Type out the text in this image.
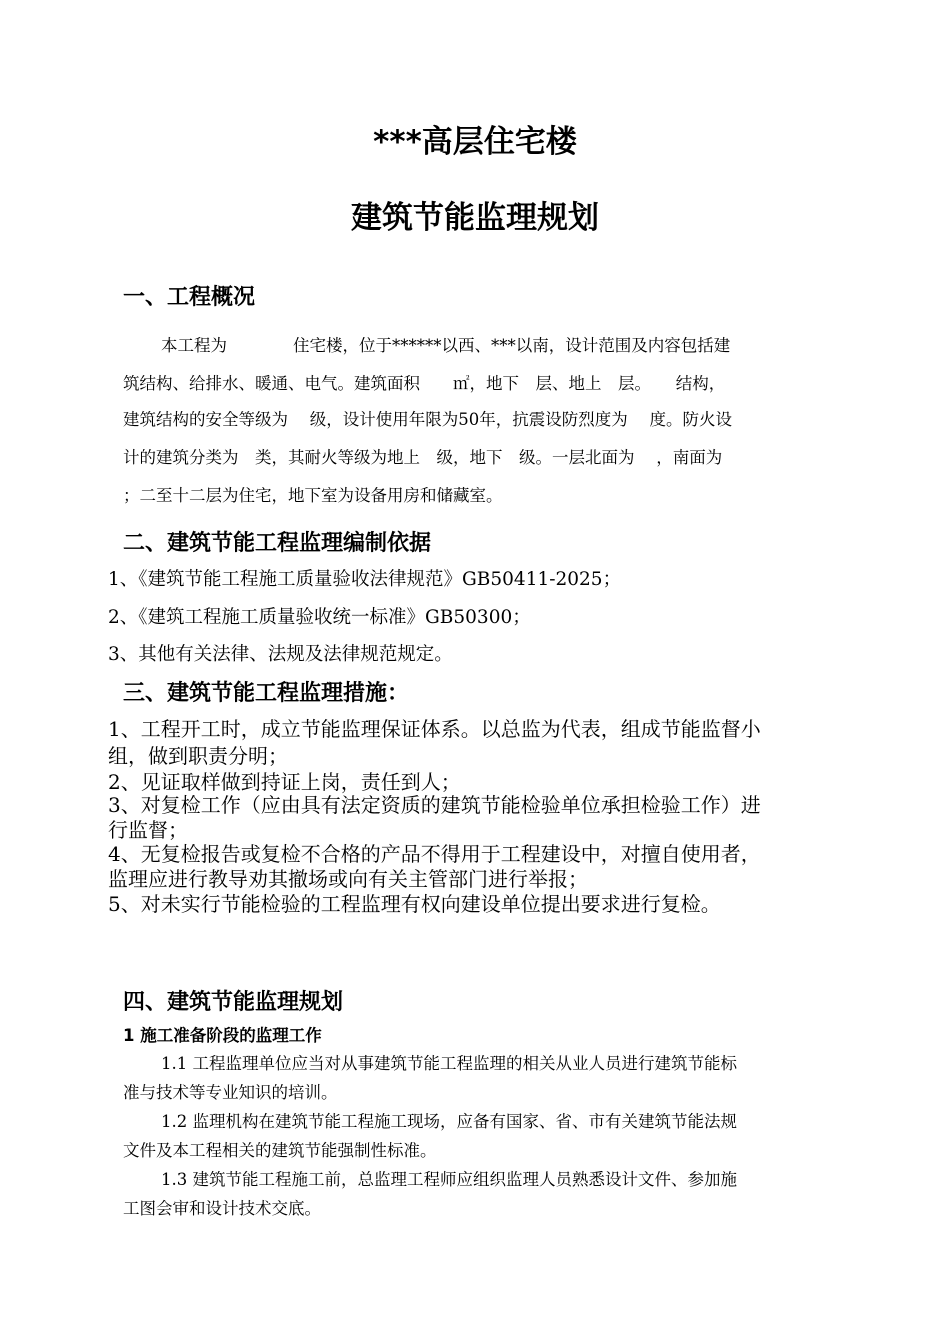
***高层住宅楼
建筑节能监理规划
一、工程概况

本工程为　　　　住宅楼，位于******以西、***以南，设计范围及内容包括建

筑结构、给排水、暖通、电气。建筑面积　　㎡，地下　层、地上　层。　　结构，

建筑结构的安全等级为　 级，设计使用年限为50年，抗震设防烈度为　 度。防火设

计的建筑分类为　类，其耐火等级为地上　级，地下　级。一层北面为　 ，南面为

；二至十二层为住宅，地下室为设备用房和储藏室。

二、建筑节能工程监理编制依据

1、《建筑节能工程施工质量验收法律规范》GB50411-2025；

2、《建筑工程施工质量验收统一标准》GB50300；

3、其他有关法律、法规及法律规范规定。

三、建筑节能工程监理措施：

1、工程开工时，成立节能监理保证体系。以总监为代表，组成节能监督小

组，做到职责分明；

2、见证取样做到持证上岗，责任到人；

3、对复检工作（应由具有法定资质的建筑节能检验单位承担检验工作）进

行监督；

4、无复检报告或复检不合格的产品不得用于工程建设中，对擅自使用者，

监理应进行教导劝其撤场或向有关主管部门进行举报；

5、对未实行节能检验的工程监理有权向建设单位提出要求进行复检。

四、建筑节能监理规划
1 施工准备阶段的监理工作

1.1 工程监理单位应当对从事建筑节能工程监理的相关从业人员进行建筑节能标

准与技术等专业知识的培训。

1.2 监理机构在建筑节能工程施工现场，应备有国家、省、市有关建筑节能法规

文件及本工程相关的建筑节能强制性标准。

1.3 建筑节能工程施工前，总监理工程师应组织监理人员熟悉设计文件、参加施

工图会审和设计技术交底。
